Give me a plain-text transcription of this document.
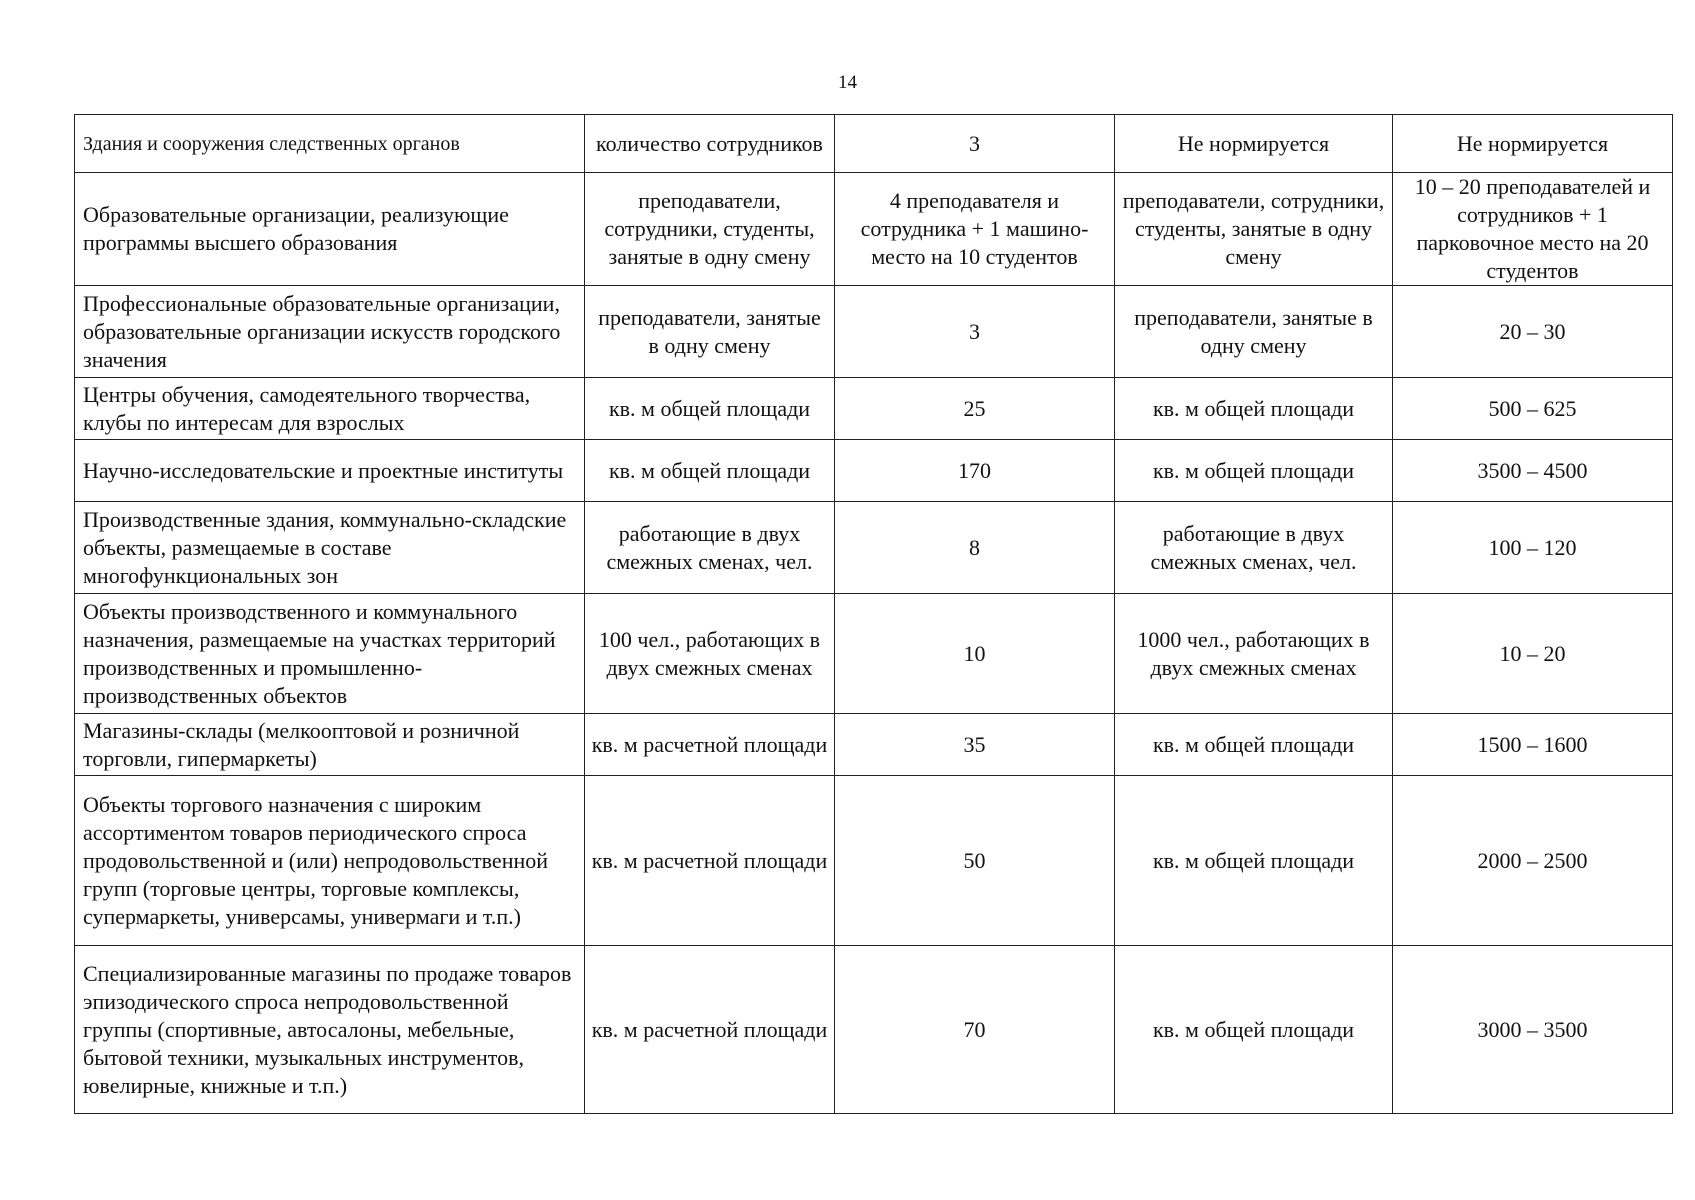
14
Здания и сооружения следственных органов	количество сотрудников	3	Не нормируется	Не нормируется
Образовательные организации, реализующие программы высшего образования	преподаватели, сотрудники, студенты, занятые в одну смену	4 преподавателя и сотрудника + 1 машино-место на 10 студентов	преподаватели, сотрудники, студенты, занятые в одну смену	10 – 20 преподавателей и сотрудников + 1 парковочное место на 20 студентов
Профессиональные образовательные организации, образовательные организации искусств городского значения	преподаватели, занятые в одну смену	3	преподаватели, занятые в одну смену	20 – 30
Центры обучения, самодеятельного творчества, клубы по интересам для взрослых	кв. м общей площади	25	кв. м общей площади	500 – 625
Научно-исследовательские и проектные институты	кв. м общей площади	170	кв. м общей площади	3500 – 4500
Производственные здания, коммунально-складские объекты, размещаемые в составе многофункциональных зон	работающие в двух смежных сменах, чел.	8	работающие в двух смежных сменах, чел.	100 – 120
Объекты производственного и коммунального назначения, размещаемые на участках территорий производственных и промышленно-производственных объектов	100 чел., работающих в двух смежных сменах	10	1000 чел., работающих в двух смежных сменах	10 – 20
Магазины-склады (мелкооптовой и розничной торговли, гипермаркеты)	кв. м расчетной площади	35	кв. м общей площади	1500 – 1600
Объекты торгового назначения с широким ассортиментом товаров периодического спроса продовольственной и (или) непродовольственной групп (торговые центры, торговые комплексы, супермаркеты, универсамы, универмаги и т.п.)	кв. м расчетной площади	50	кв. м общей площади	2000 – 2500
Специализированные магазины по продаже товаров эпизодического спроса непродовольственной группы (спортивные, автосалоны, мебельные, бытовой техники, музыкальных инструментов, ювелирные, книжные и т.п.)	кв. м расчетной площади	70	кв. м общей площади	3000 – 3500
